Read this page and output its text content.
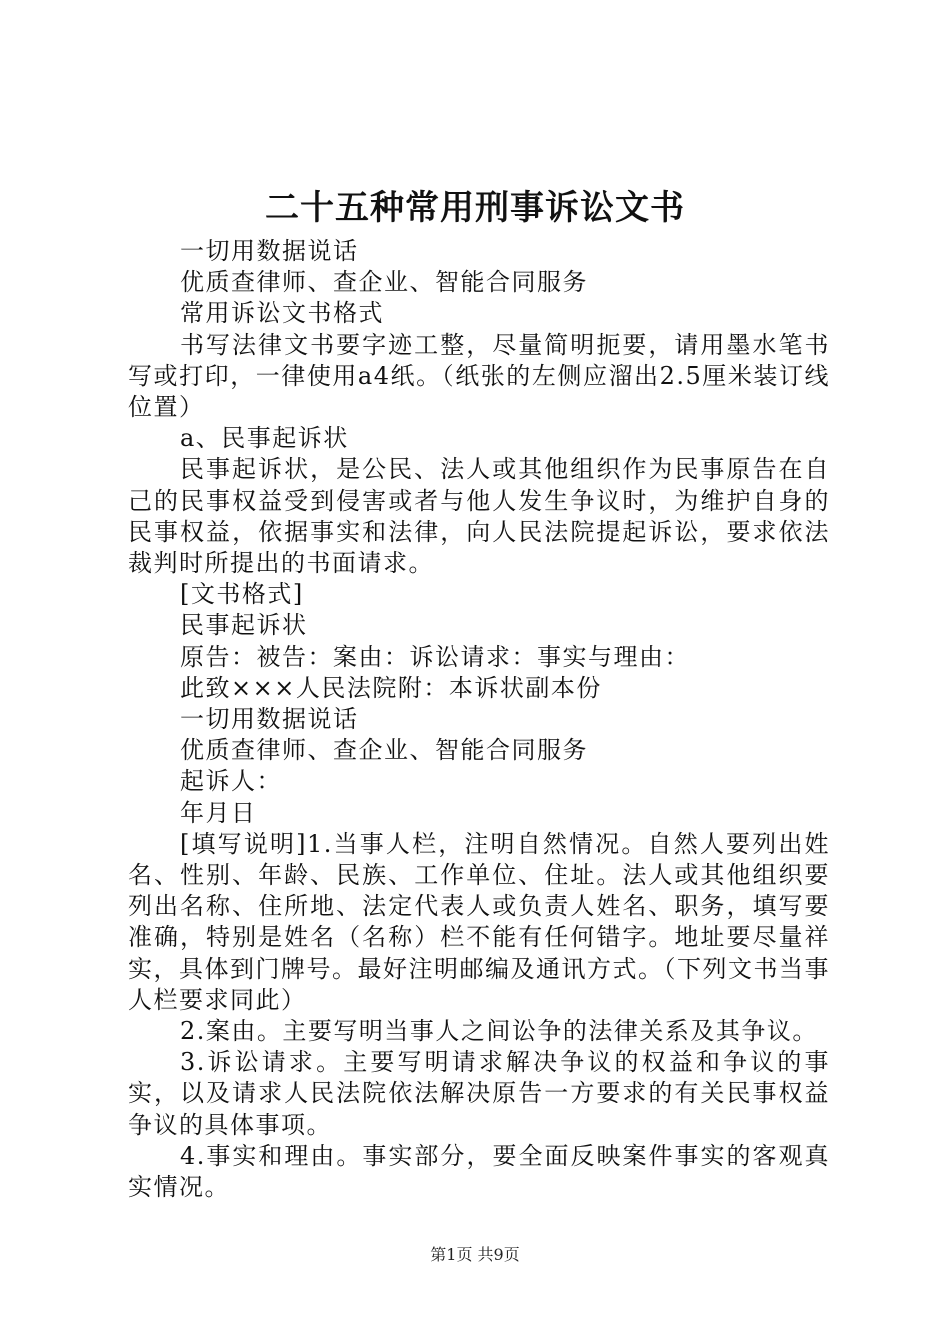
二十五种常用刑事诉讼文书

一切用数据说话

优质查律师、查企业、智能合同服务

常用诉讼文书格式

书写法律文书要字迹工整，尽量简明扼要，请用墨水笔书写或打印，一律使用a4纸。（纸张的左侧应溜出2.5厘米装订线位置）

a、民事起诉状

民事起诉状，是公民、法人或其他组织作为民事原告在自己的民事权益受到侵害或者与他人发生争议时，为维护自身的民事权益，依据事实和法律，向人民法院提起诉讼，要求依法裁判时所提出的书面请求。

[文书格式]

民事起诉状

原告：被告：案由：诉讼请求：事实与理由：

此致×××人民法院附：本诉状副本份

一切用数据说话

优质查律师、查企业、智能合同服务

起诉人：

年月日

[填写说明]1.当事人栏，注明自然情况。自然人要列出姓名、性别、年龄、民族、工作单位、住址。法人或其他组织要列出名称、住所地、法定代表人或负责人姓名、职务，填写要准确，特别是姓名（名称）栏不能有任何错字。地址要尽量祥实，具体到门牌号。最好注明邮编及通讯方式。（下列文书当事人栏要求同此）

2.案由。主要写明当事人之间讼争的法律关系及其争议。

3.诉讼请求。主要写明请求解决争议的权益和争议的事实，以及请求人民法院依法解决原告一方要求的有关民事权益争议的具体事项。

4.事实和理由。事实部分，要全面反映案件事实的客观真实情况。

第1页 共9页
